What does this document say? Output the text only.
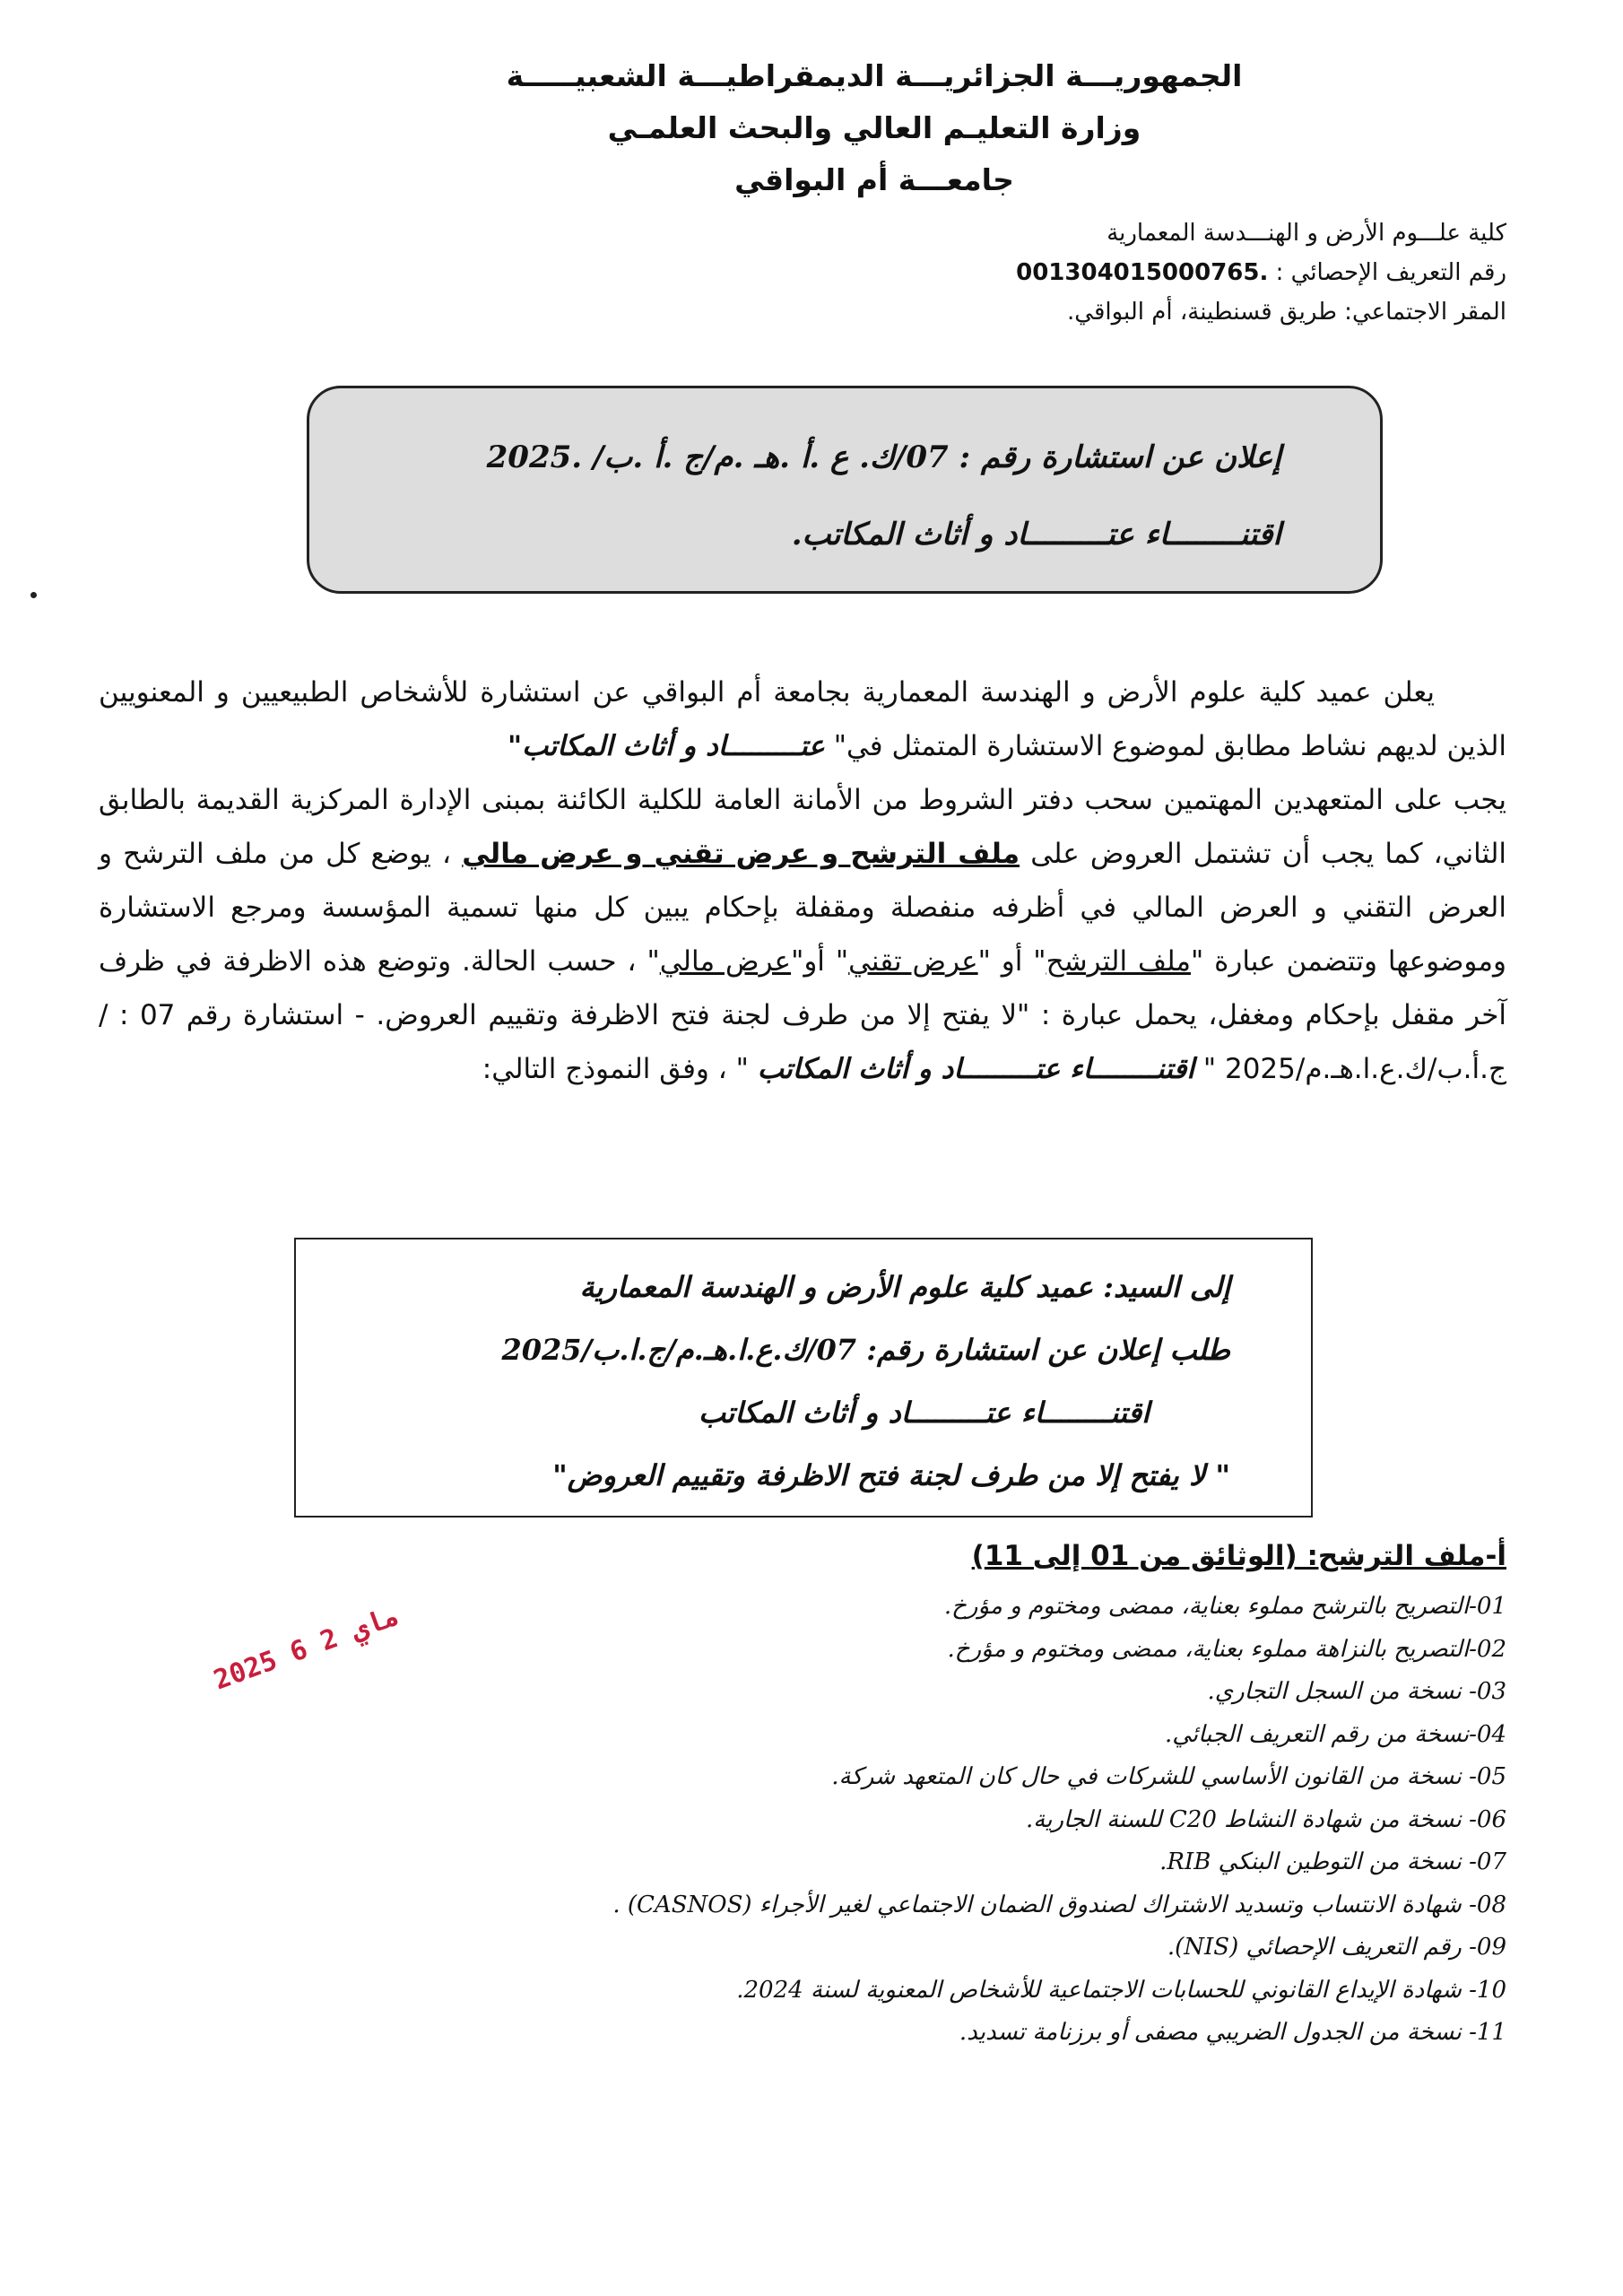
الجمهوريـــة الجزائريـــة الديمقراطيـــة الشعبيـــــة
وزارة التعليـم العالي والبحث العلمـي
جامعـــة أم البواقي
كلية علـــوم الأرض و الهنـــدسة المعمارية
رقم التعريف الإحصائي : 001304015000765.
المقر الاجتماعي: طريق قسنطينة، أم البواقي.
إعلان عن استشارة رقم : 07/ك. ع .أ .هـ .م/ج .أ .ب/ .2025
اقتنــــــــاء عتـــــــــاد و أثاث المكاتب.

يعلن عميد كلية علوم الأرض و الهندسة المعمارية بجامعة أم البواقي عن استشارة للأشخاص الطبيعيين و المعنويين الذين لديهم نشاط مطابق لموضوع الاستشارة المتمثل في" عتـــــــــاد و أثاث المكاتب"

يجب على المتعهدين المهتمين سحب دفتر الشروط من الأمانة العامة للكلية الكائنة بمبنى الإدارة المركزية القديمة بالطابق الثاني، كما يجب أن تشتمل العروض على ملف الترشح و عرض تقني و عرض مالي ، يوضع كل من ملف الترشح و العرض التقني و العرض المالي في أظرفه منفصلة ومقفلة بإحكام يبين كل منها تسمية المؤسسة ومرجع الاستشارة وموضوعها وتتضمن عبارة "ملف الترشح" أو "عرض تقني" أو"عرض مالي" ، حسب الحالة. وتوضع هذه الاظرفة في ظرف آخر مقفل بإحكام ومغفل، يحمل عبارة : "لا يفتح إلا من طرف لجنة فتح الاظرفة وتقييم العروض. - استشارة رقم 07 : /ج.أ.ب/ك.ع.ا.هـ.م/2025 " اقتنــــــــاء عتـــــــــاد و أثاث المكاتب " ، وفق النموذج التالي:

إلى السيد: عميد كلية علوم الأرض و الهندسة المعمارية
طلب إعلان عن استشارة رقم: 07/ك.ع.ا.هـ.م/ج.ا.ب/2025
اقتنــــــــاء عتـــــــــاد و أثاث المكاتب
" لا يفتح إلا من طرف لجنة فتح الاظرفة وتقييم العروض"
أ-ملف الترشح: (الوثائق من 01 إلى 11)
01-التصريح بالترشح مملوء بعناية، ممضى ومختوم و مؤرخ.
02-التصريح بالنزاهة مملوء بعناية، ممضى ومختوم و مؤرخ.
03- نسخة من السجل التجاري.
04-نسخة من رقم التعريف الجبائي.
05- نسخة من القانون الأساسي للشركات في حال كان المتعهد شركة.
06- نسخة من شهادة النشاط C20 للسنة الجارية.
07- نسخة من التوطين البنكي RIB.
08- شهادة الانتساب وتسديد الاشتراك لصندوق الضمان الاجتماعي لغير الأجراء (CASNOS) .
09- رقم التعريف الإحصائي (NIS).
10- شهادة الإيداع القانوني للحسابات الاجتماعية للأشخاص المعنوية لسنة 2024.
11- نسخة من الجدول الضريبي مصفى أو برزنامة تسديد.
2025 ماي 2 6
